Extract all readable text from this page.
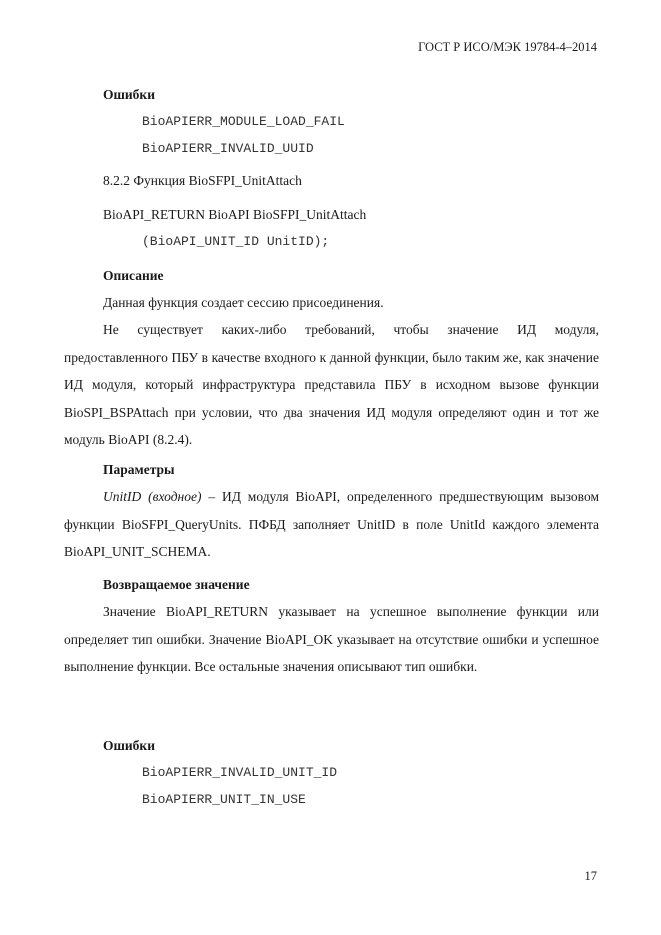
ГОСТ Р ИСО/МЭК 19784-4–2014
Ошибки
BioAPIERR_MODULE_LOAD_FAIL
BioAPIERR_INVALID_UUID
8.2.2 Функция BioSFPI_UnitAttach
BioAPI_RETURN BioAPI BioSFPI_UnitAttach
(BioAPI_UNIT_ID UnitID);
Описание
Данная функция создает сессию присоединения.
Не существует каких-либо требований, чтобы значение ИД модуля, предоставленного ПБУ в качестве входного к данной функции, было таким же, как значение ИД модуля, который инфраструктура представила ПБУ в исходном вызове функции BioSPI_BSPAttach при условии, что два значения ИД модуля определяют один и тот же модуль BioAPI (8.2.4).
Параметры
UnitID (входное) – ИД модуля BioAPI, определенного предшествующим вызовом функции BioSFPI_QueryUnits. ПФБД заполняет UnitID в поле UnitId каждого элемента BioAPI_UNIT_SCHEMA.
Возвращаемое значение
Значение BioAPI_RETURN указывает на успешное выполнение функции или определяет тип ошибки. Значение BioAPI_OK указывает на отсутствие ошибки и успешное выполнение функции. Все остальные значения описывают тип ошибки.
Ошибки
BioAPIERR_INVALID_UNIT_ID
BioAPIERR_UNIT_IN_USE
17
